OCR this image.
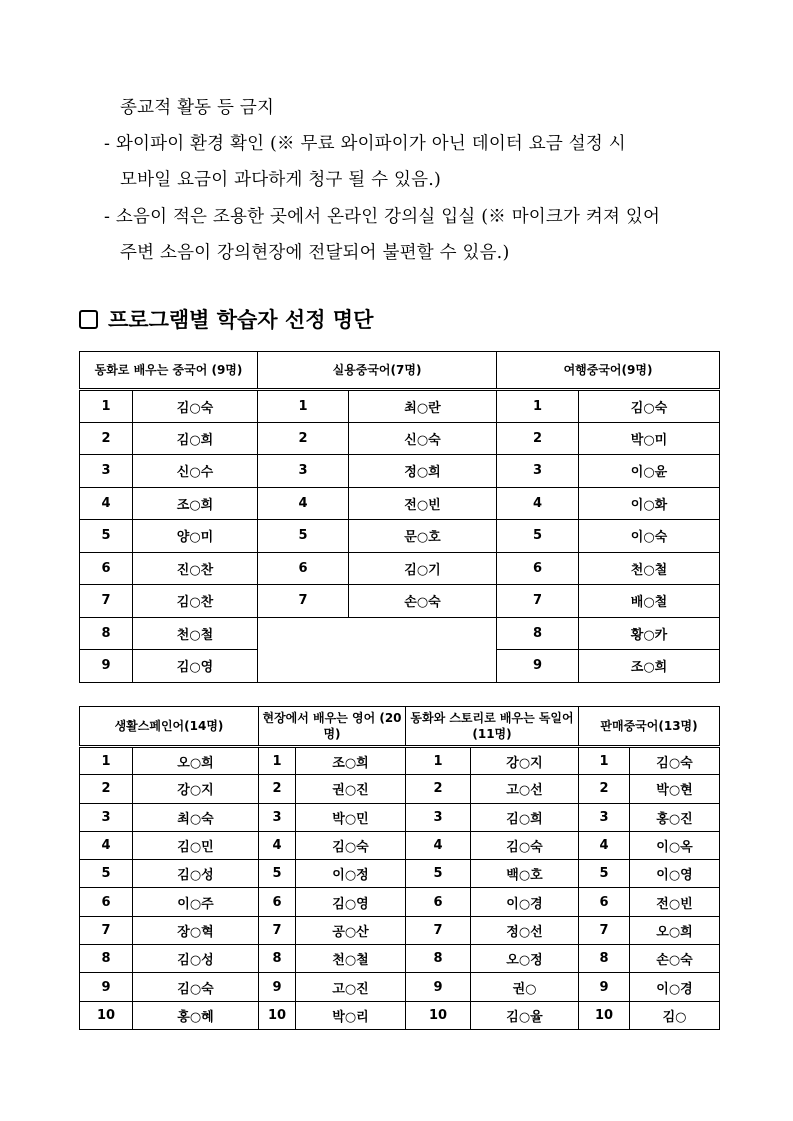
종교적 활동 등 금지
- 와이파이 환경 확인 (※ 무료 와이파이가 아닌 데이터 요금 설정 시
모바일 요금이 과다하게 청구 될 수 있음.)
- 소음이 적은 조용한 곳에서 온라인 강의실 입실 (※ 마이크가 켜져 있어
주변 소음이 강의현장에 전달되어 불편할 수 있음.)
프로그램별 학습자 선정 명단
동화로 배우는 중국어 (9명)		실용중국어(7명)		여행중국어(9명)	
1	김○숙	1	최○란	1	김○숙
2	김○희	2	신○숙	2	박○미
3	신○수	3	정○희	3	이○윤
4	조○희	4	전○빈	4	이○화
5	양○미	5	문○호	5	이○숙
6	진○찬	6	김○기	6	천○철
7	김○찬	7	손○숙	7	배○철
8	천○철			8	황○카
9	김○영			9	조○희
생활스페인어(14명)		현장에서 배우는 영어 (20명)		동화와 스토리로 배우는 독일어(11명)		판매중국어(13명)	
1	오○희	1	조○희	1	강○지	1	김○숙
2	강○지	2	권○진	2	고○선	2	박○현
3	최○숙	3	박○민	3	김○희	3	홍○진
4	김○민	4	김○숙	4	김○숙	4	이○옥
5	김○성	5	이○정	5	백○호	5	이○영
6	이○주	6	김○영	6	이○경	6	전○빈
7	장○혁	7	공○산	7	정○선	7	오○희
8	김○성	8	천○철	8	오○정	8	손○숙
9	김○숙	9	고○진	9	권○	9	이○경
10	홍○혜	10	박○리	10	김○율	10	김○
